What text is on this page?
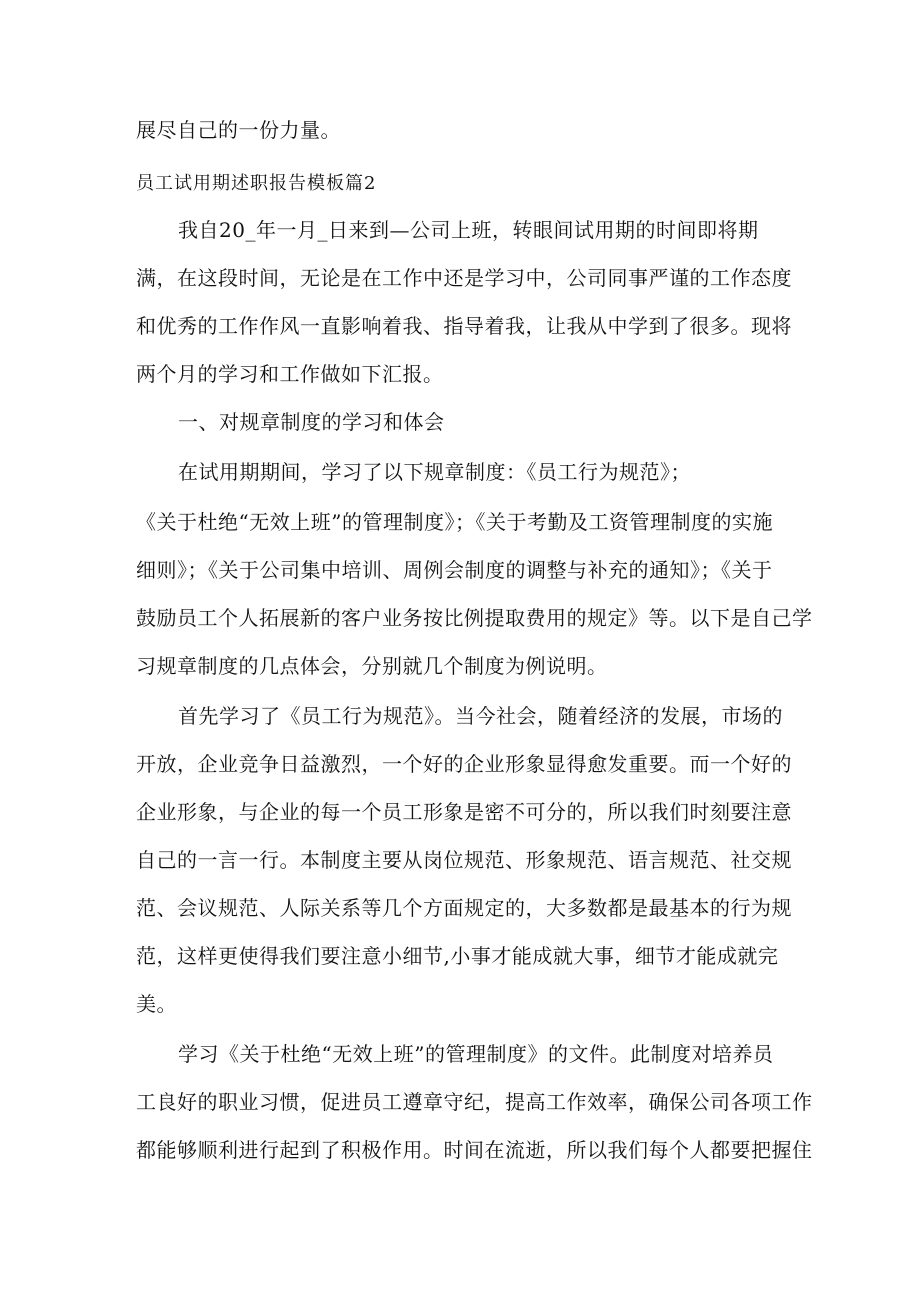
展尽自己的一份力量。
员工试用期述职报告模板篇2
我自20_年一月_日来到—公司上班，转眼间试用期的时间即将期
满，在这段时间，无论是在工作中还是学习中，公司同事严谨的工作态度
和优秀的工作作风一直影响着我、指导着我，让我从中学到了很多。现将
两个月的学习和工作做如下汇报。
一、对规章制度的学习和体会
在试用期期间，学习了以下规章制度：《员工行为规范》；
《关于杜绝“无效上班”的管理制度》；《关于考勤及工资管理制度的实施
细则》；《关于公司集中培训、周例会制度的调整与补充的通知》；《关于
鼓励员工个人拓展新的客户业务按比例提取费用的规定》等。以下是自己学
习规章制度的几点体会，分别就几个制度为例说明。
首先学习了《员工行为规范》。当今社会，随着经济的发展，市场的
开放，企业竞争日益激烈，一个好的企业形象显得愈发重要。而一个好的
企业形象，与企业的每一个员工形象是密不可分的，所以我们时刻要注意
自己的一言一行。本制度主要从岗位规范、形象规范、语言规范、社交规
范、会议规范、人际关系等几个方面规定的，大多数都是最基本的行为规
范，这样更使得我们要注意小细节,小事才能成就大事，细节才能成就完
美。
学习《关于杜绝“无效上班”的管理制度》的文件。此制度对培养员
工良好的职业习惯，促进员工遵章守纪，提高工作效率，确保公司各项工作
都能够顺利进行起到了积极作用。时间在流逝，所以我们每个人都要把握住
